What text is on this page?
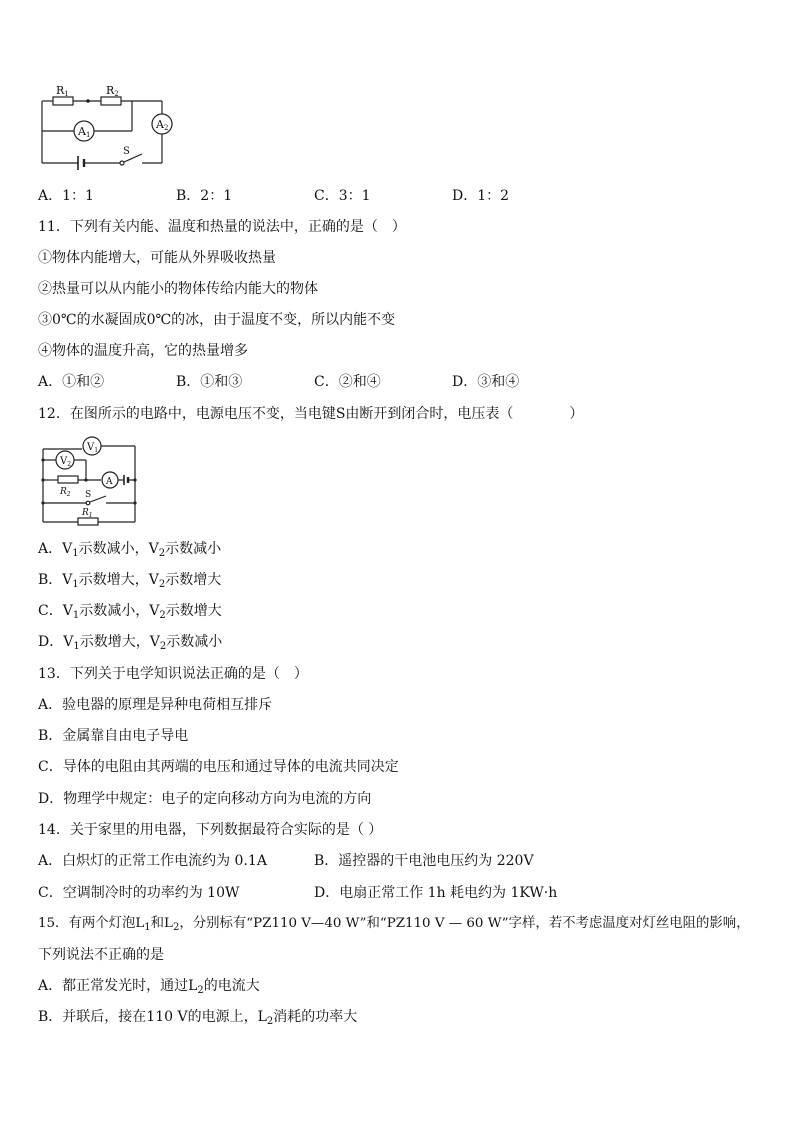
R1	R2
A1
A2
S
A．1：1	B．2：1	C．3：1	D．1：2
11．下列有关内能、温度和热量的说法中，正确的是（　）
①物体内能增大，可能从外界吸收热量
②热量可以从内能小的物体传给内能大的物体
③0℃的水凝固成0℃的冰，由于温度不变，所以内能不变
④物体的温度升高，它的热量增多
A．①和②	B．①和③	C．②和④	D．③和④
12．在图所示的电路中，电源电压不变，当电键S由断开到闭合时，电压表（　　　　）
$V_1$
$V_2$
A
$R_2$ S
$R_1$
A．$V_1$示数减小，$V_2$示数减小
B．$V_1$示数增大，$V_2$示数增大
C．$V_1$示数减小，$V_2$示数增大
D．$V_1$示数增大，$V_2$示数减小
13．下列关于电学知识说法正确的是（　）
A．验电器的原理是异种电荷相互排斥
B．金属靠自由电子导电
C．导体的电阻由其两端的电压和通过导体的电流共同决定
D．物理学中规定：电子的定向移动方向为电流的方向
14．关于家里的用电器，下列数据最符合实际的是（ ）
A．白炽灯的正常工作电流约为 0.1A	B．遥控器的干电池电压约为 220V
C．空调制冷时的功率约为 10W	D．电扇正常工作 1h 耗电约为 1KW·h
15．有两个灯泡$L_1$和$L_2$，分别标有“PZ110 V—40 W”和“PZ110 V — 60 W”字样，若不考虑温度对灯丝电阻的影响，
下列说法不正确的是
A．都正常发光时，通过$L_2$的电流大
B．并联后，接在110 V的电源上，$L_2$消耗的功率大
